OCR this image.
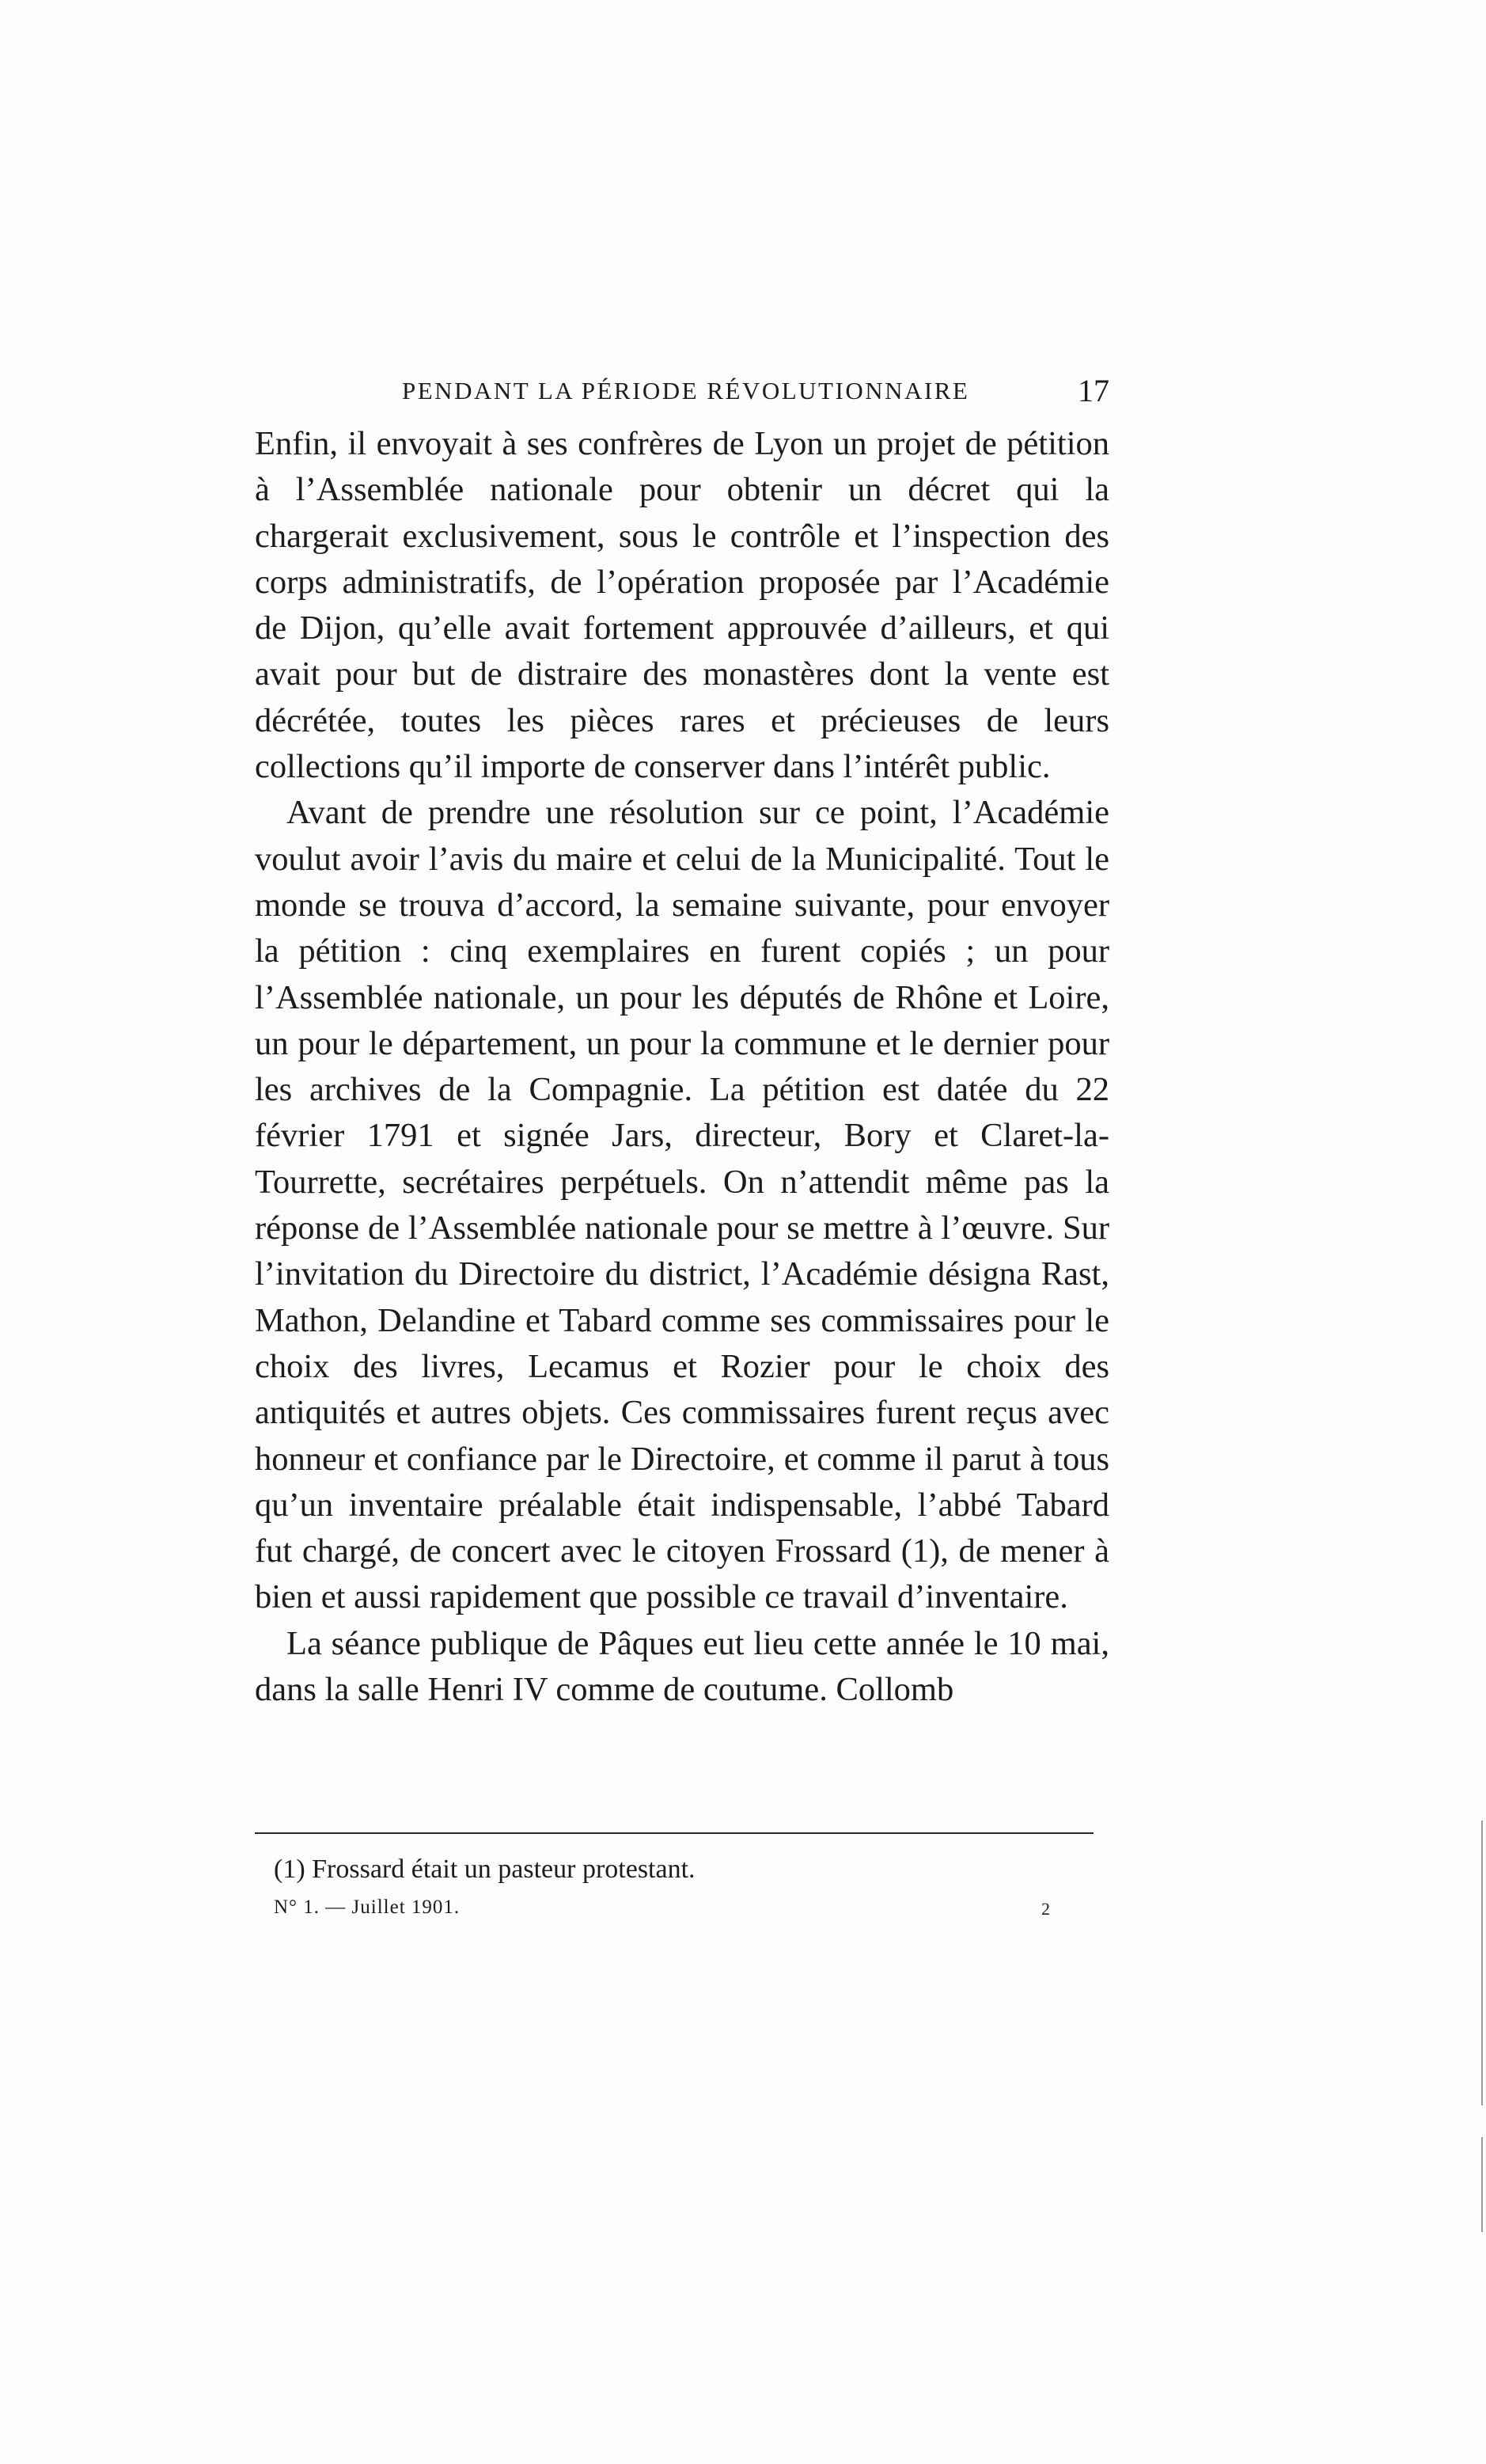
PENDANT LA PÉRIODE RÉVOLUTIONNAIRE	17

Enfin, il envoyait à ses confrères de Lyon un projet de pétition à l’Assemblée nationale pour obtenir un décret qui la chargerait exclusivement, sous le contrôle et l’inspection des corps administratifs, de l’opération proposée par l’Académie de Dijon, qu’elle avait fortement approuvée d’ailleurs, et qui avait pour but de distraire des monastères dont la vente est décrétée, toutes les pièces rares et précieuses de leurs collections qu’il importe de conserver dans l’intérêt public.

Avant de prendre une résolution sur ce point, l’Académie voulut avoir l’avis du maire et celui de la Municipalité. Tout le monde se trouva d’accord, la semaine suivante, pour envoyer la pétition : cinq exemplaires en furent copiés ; un pour l’Assemblée nationale, un pour les députés de Rhône et Loire, un pour le département, un pour la commune et le dernier pour les archives de la Compagnie. La pétition est datée du 22 février 1791 et signée Jars, directeur, Bory et Claret-la-Tourrette, secrétaires perpétuels. On n’attendit même pas la réponse de l’Assemblée nationale pour se mettre à l’œuvre. Sur l’invitation du Directoire du district, l’Académie désigna Rast, Mathon, Delandine et Tabard comme ses commissaires pour le choix des livres, Lecamus et Rozier pour le choix des antiquités et autres objets. Ces commissaires furent reçus avec honneur et confiance par le Directoire, et comme il parut à tous qu’un inventaire préalable était indispensable, l’abbé Tabard fut chargé, de concert avec le citoyen Frossard (1), de mener à bien et aussi rapidement que possible ce travail d’inventaire.

La séance publique de Pâques eut lieu cette année le 10 mai, dans la salle Henri IV comme de coutume. Collomb

(1) Frossard était un pasteur protestant.
N° 1. — Juillet 1901.	2
